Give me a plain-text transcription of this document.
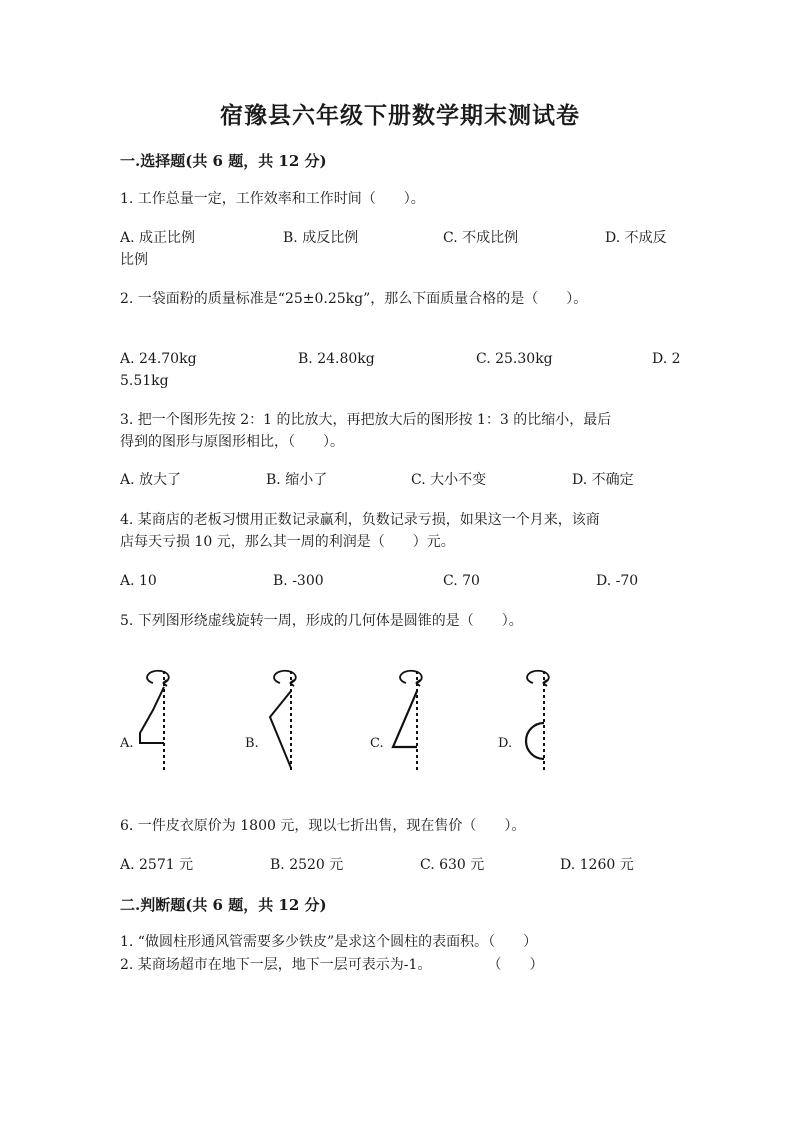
宿豫县六年级下册数学期末测试卷
一.选择题(共 6 题，共 12 分)
1. 工作总量一定，工作效率和工作时间（　　）。
A. 成正比例	B. 成反比例	C. 不成比例	D. 不成反
比例
2. 一袋面粉的质量标准是“25±0.25kg”，那么下面质量合格的是（　　）。
A. 24.70kg	B. 24.80kg	C. 25.30kg	D. 2
5.51kg
3. 把一个图形先按 2：1 的比放大，再把放大后的图形按 1：3 的比缩小，最后
得到的图形与原图形相比，（　　）。
A. 放大了	B. 缩小了	C. 大小不变	D. 不确定
4. 某商店的老板习惯用正数记录赢利，负数记录亏损，如果这一个月来，该商
店每天亏损 10 元，那么其一周的利润是（　　）元。
A. 10	B. -300	C. 70	D. -70
5. 下列图形绕虚线旋转一周，形成的几何体是圆锥的是（　　）。
A.	B.	C.	D.
6. 一件皮衣原价为 1800 元，现以七折出售，现在售价（　　）。
A. 2571 元	B. 2520 元	C. 630 元	D. 1260 元
二.判断题(共 6 题，共 12 分)
1. “做圆柱形通风管需要多少铁皮”是求这个圆柱的表面积。（　　）
2. 某商场超市在地下一层，地下一层可表示为-1。　　　　　（　　）
